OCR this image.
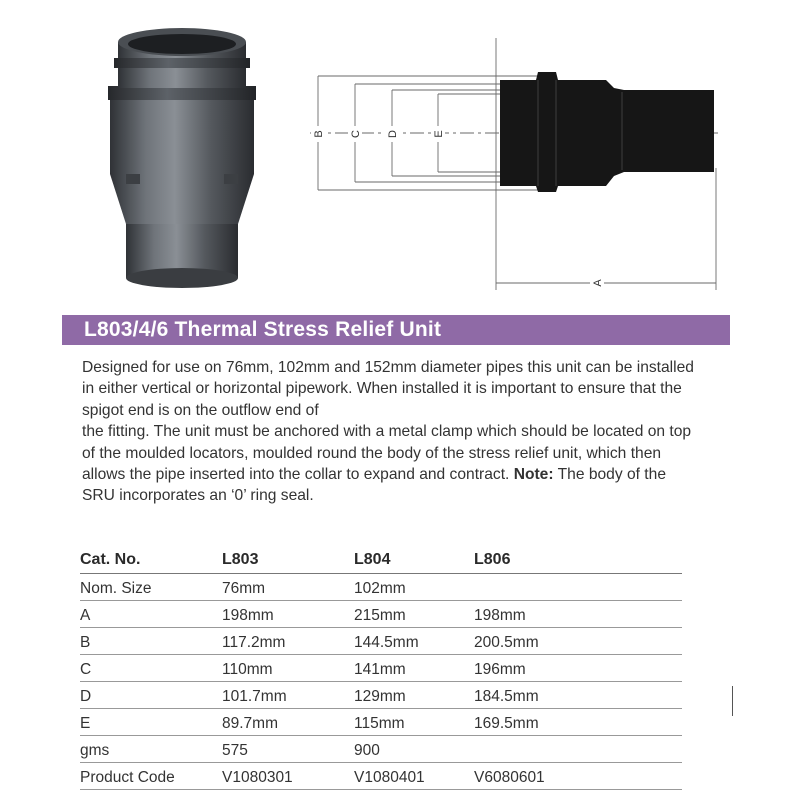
B C D	E
A
L803/4/6 Thermal Stress Relief Unit
Designed for use on 76mm, 102mm and 152mm diameter pipes this unit can be installed in either vertical or horizontal pipework. When installed it is important to ensure that the spigot end is on the outflow end of
the fitting. The unit must be anchored with a metal clamp which should be located on top of the moulded locators, moulded round the body of the stress relief unit, which then allows the pipe inserted into the collar to expand and contract. Note: The body of the SRU incorporates an ‘0’ ring seal.
Cat. No.	L803	L804	L806
Nom. Size	76mm	102mm	
A	198mm	215mm	198mm
B	117.2mm	144.5mm	200.5mm
C	110mm	141mm	196mm
D	101.7mm	129mm	184.5mm
E	89.7mm	115mm	169.5mm
gms	575	900	
Product Code	V1080301	V1080401	V6080601
